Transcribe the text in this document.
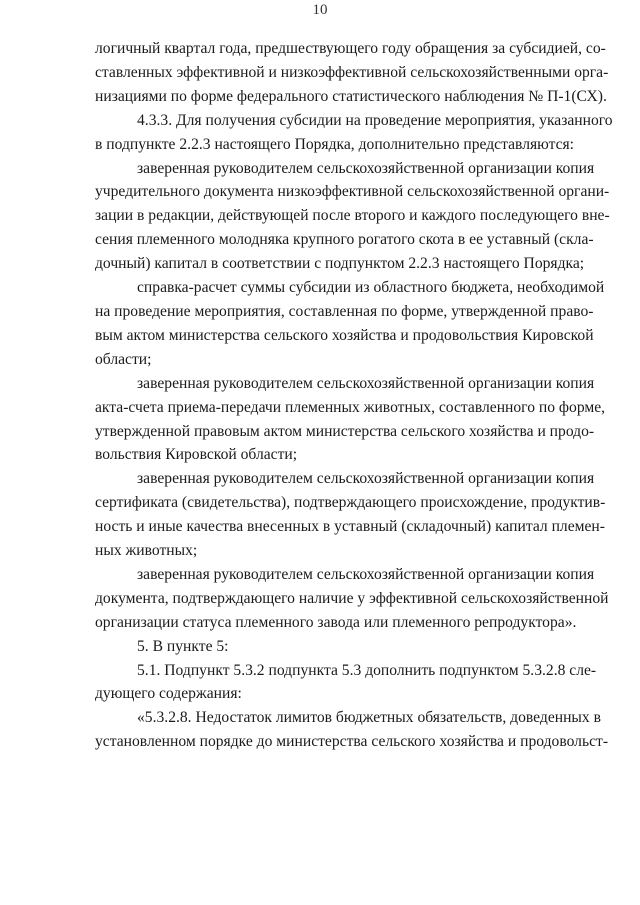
10
логичный квартал года, предшествующего году обращения за субсидией, со-
ставленных эффективной и низкоэффективной сельскохозяйственными орга-
низациями по форме федерального статистического наблюдения № П-1(СХ).
4.3.3. Для получения субсидии на проведение мероприятия, указанного
в подпункте 2.2.3 настоящего Порядка, дополнительно представляются:
заверенная руководителем сельскохозяйственной организации копия
учредительного документа низкоэффективной сельскохозяйственной органи-
зации в редакции, действующей после второго и каждого последующего вне-
сения племенного молодняка крупного рогатого скота в ее уставный (скла-
дочный) капитал в соответствии с подпунктом 2.2.3 настоящего Порядка;
справка-расчет суммы субсидии из областного бюджета, необходимой
на проведение мероприятия, составленная по форме, утвержденной право-
вым актом министерства сельского хозяйства и продовольствия Кировской
области;
заверенная руководителем сельскохозяйственной организации копия
акта-счета приема-передачи племенных животных, составленного по форме,
утвержденной правовым актом министерства сельского хозяйства и продо-
вольствия Кировской области;
заверенная руководителем сельскохозяйственной организации копия
сертификата (свидетельства), подтверждающего происхождение, продуктив-
ность и иные качества внесенных в уставный (складочный) капитал племен-
ных животных;
заверенная руководителем сельскохозяйственной организации копия
документа, подтверждающего наличие у эффективной сельскохозяйственной
организации статуса племенного завода или племенного репродуктора».
5. В пункте 5:
5.1. Подпункт 5.3.2 подпункта 5.3 дополнить подпунктом 5.3.2.8 сле-
дующего содержания:
«5.3.2.8. Недостаток лимитов бюджетных обязательств, доведенных в
установленном порядке до министерства сельского хозяйства и продовольст-
